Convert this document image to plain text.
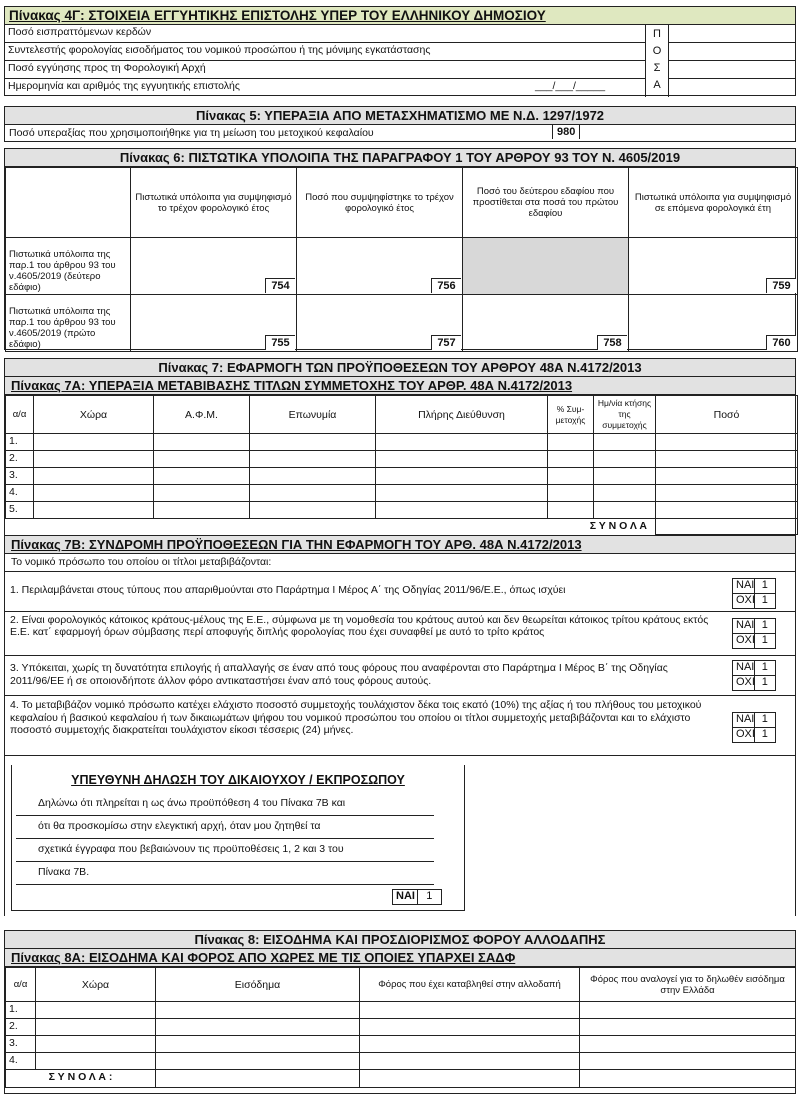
Πίνακας 4Γ: ΣΤΟΙΧΕΙΑ ΕΓΓΥΗΤΙΚΗΣ ΕΠΙΣΤΟΛΗΣ ΥΠΕΡ ΤΟΥ ΕΛΛΗΝΙΚΟΥ ΔΗΜΟΣΙΟΥ
Ποσό εισπραττόμενων κερδών
Συντελεστής φορολογίας εισοδήματος του νομικού προσώπου ή της μόνιμης εγκατάστασης
Ποσό εγγύησης προς τη Φορολογική Αρχή
Ημερομηνία και αριθμός της εγγυητικής επιστολής	___/___/_____
Π
Ο
Σ
Α
Πίνακας 5: ΥΠΕΡΑΞΙΑ ΑΠΟ ΜΕΤΑΣΧΗΜΑΤΙΣΜΟ ΜΕ Ν.Δ. 1297/1972
Ποσό υπεραξίας που χρησιμοποιήθηκε για τη μείωση του μετοχικού κεφαλαίου	980
Πίνακας 6: ΠΙΣΤΩΤΙΚΑ ΥΠΟΛΟΙΠΑ ΤΗΣ ΠΑΡΑΓΡΑΦΟΥ 1 ΤΟΥ ΑΡΘΡΟΥ 93 ΤΟΥ Ν. 4605/2019
	Πιστωτικά υπόλοιπα για συμψηφισμό το τρέχον φορολογικό έτος	Ποσό που συμψηφίστηκε το τρέχον φορολογικό έτος	Ποσό του δεύτερου εδαφίου που προστίθεται στα ποσά του πρώτου εδαφίου	Πιστωτικά υπόλοιπα για συμψηφισμό σε επόμενα φορολογικά έτη
Πιστωτικά υπόλοιπα της παρ.1 του άρθρου 93 του ν.4605/2019 (δεύτερο εδάφιο)	754	756		759

Πιστωτικά υπόλοιπα της παρ.1 του άρθρου 93 του ν.4605/2019 (πρώτο εδάφιο)	755	757	758	760
Πίνακας 7: ΕΦΑΡΜΟΓΗ ΤΩΝ ΠΡΟΫΠΟΘΕΣΕΩΝ ΤΟΥ ΑΡΘΡΟΥ 48Α Ν.4172/2013
Πίνακας 7Α: ΥΠΕΡΑΞΙΑ ΜΕΤΑΒΙΒΑΣΗΣ ΤΙΤΛΩΝ ΣΥΜΜΕΤΟΧΗΣ ΤΟΥ ΑΡΘΡ. 48Α Ν.4172/2013
α/α	Χώρα	Α.Φ.Μ.	Επωνυμία	Πλήρης Διεύθυνση	% Συμ-μετοχής	Ημ/νία κτήσης της συμμετοχής	Ποσό
1.							
2.							
3.							
4.							
5.							
Σ Υ Ν Ο Λ Α							
Πίνακας 7Β: ΣΥΝΔΡΟΜΗ ΠΡΟΫΠΟΘΕΣΕΩΝ ΓΙΑ ΤΗΝ ΕΦΑΡΜΟΓΗ ΤΟΥ ΑΡΘ. 48Α Ν.4172/2013
Το νομικό πρόσωπο του οποίου οι τίτλοι μεταβιβάζονται:
1. Περιλαμβάνεται στους τύπους που απαριθμούνται στο Παράρτημα Ι Μέρος Α΄ της Οδηγίας 2011/96/Ε.Ε., όπως ισχύει	ΝΑΙ	1
ΟΧΙ	1
2. Είναι φορολογικός κάτοικος κράτους-μέλους της Ε.Ε., σύμφωνα με τη νομοθεσία του κράτους αυτού και δεν θεωρείται κάτοικος τρίτου κράτους εκτός Ε.Ε. κατ΄ εφαρμογή όρων σύμβασης περί αποφυγής διπλής φορολογίας που έχει συναφθεί με αυτό το τρίτο κράτος
ΝΑΙ	1
ΟΧΙ	1
3. Υπόκειται, χωρίς τη δυνατότητα επιλογής ή απαλλαγής σε έναν από τους φόρους που αναφέρονται στο Παράρτημα Ι Μέρος Β΄ της Οδηγίας 2011/96/ΕΕ ή σε οποιονδήποτε άλλον φόρο αντικαταστήσει έναν από τους φόρους αυτούς.
ΝΑΙ	1
ΟΧΙ	1
4. Το μεταβιβάζον νομικό πρόσωπο κατέχει ελάχιστο ποσοστό συμμετοχής τουλάχιστον δέκα τοις εκατό (10%) της αξίας ή του πλήθους του μετοχικού κεφαλαίου ή βασικού κεφαλαίου ή των δικαιωμάτων ψήφου του νομικού προσώπου του οποίου οι τίτλοι συμμετοχής μεταβιβάζονται και το ελάχιστο ποσοστό συμμετοχής διακρατείται τουλάχιστον είκοσι τέσσερις (24) μήνες.
ΝΑΙ	1
ΟΧΙ	1
ΥΠΕΥΘΥΝΗ ΔΗΛΩΣΗ ΤΟΥ ΔΙΚΑΙΟΥΧΟΥ / ΕΚΠΡΟΣΩΠΟΥ
Δηλώνω ότι πληρείται η ως άνω προϋπόθεση 4 του Πίνακα 7Β και
ότι θα προσκομίσω στην ελεγκτική αρχή, όταν μου ζητηθεί τα
σχετικά έγγραφα που βεβαιώνουν τις προϋποθέσεις 1, 2 και 3 του
Πίνακα 7Β.
ΝΑΙ	1
Πίνακας 8: ΕΙΣΟΔΗΜΑ ΚΑΙ ΠΡΟΣΔΙΟΡΙΣΜΟΣ ΦΟΡΟΥ ΑΛΛΟΔΑΠΗΣ
Πίνακας 8Α: ΕΙΣΟΔΗΜΑ ΚΑΙ ΦΟΡΟΣ ΑΠΟ ΧΩΡΕΣ ΜΕ ΤΙΣ ΟΠΟΙΕΣ ΥΠΑΡΧΕΙ ΣΑΔΦ
α/α	Χώρα	Εισόδημα	Φόρος που έχει καταβληθεί στην αλλοδαπή	Φόρος που αναλογεί για το δηλωθέν εισόδημα στην Ελλάδα
1.				
2.				
3.				
4.				
Σ Υ Ν Ο Λ Α :				
